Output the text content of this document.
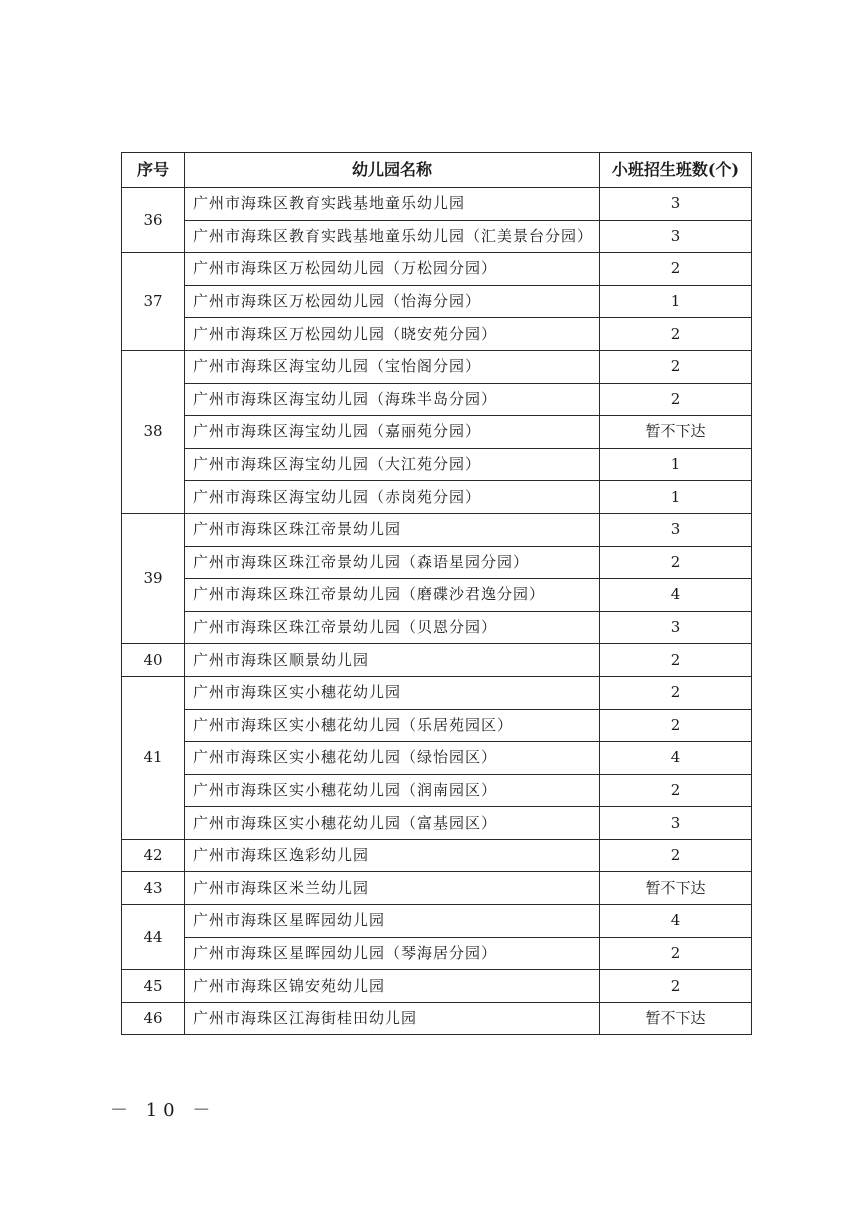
序号	幼儿园名称	小班招生班数(个)
36	广州市海珠区教育实践基地童乐幼儿园	3
	广州市海珠区教育实践基地童乐幼儿园（汇美景台分园）	3
37	广州市海珠区万松园幼儿园（万松园分园）	2
	广州市海珠区万松园幼儿园（怡海分园）	1
	广州市海珠区万松园幼儿园（晓安苑分园）	2
38	广州市海珠区海宝幼儿园（宝怡阁分园）	2
	广州市海珠区海宝幼儿园（海珠半岛分园）	2
	广州市海珠区海宝幼儿园（嘉丽苑分园）	暂不下达
	广州市海珠区海宝幼儿园（大江苑分园）	1
	广州市海珠区海宝幼儿园（赤岗苑分园）	1
39	广州市海珠区珠江帝景幼儿园	3
	广州市海珠区珠江帝景幼儿园（森语星园分园）	2
	广州市海珠区珠江帝景幼儿园（磨碟沙君逸分园）	4
	广州市海珠区珠江帝景幼儿园（贝恩分园）	3
40	广州市海珠区顺景幼儿园	2
41	广州市海珠区实小穗花幼儿园	2
	广州市海珠区实小穗花幼儿园（乐居苑园区）	2
	广州市海珠区实小穗花幼儿园（绿怡园区）	4
	广州市海珠区实小穗花幼儿园（润南园区）	2
	广州市海珠区实小穗花幼儿园（富基园区）	3
42	广州市海珠区逸彩幼儿园	2
43	广州市海珠区米兰幼儿园	暂不下达
44	广州市海珠区星晖园幼儿园	4
	广州市海珠区星晖园幼儿园（琴海居分园）	2
45	广州市海珠区锦安苑幼儿园	2
46	广州市海珠区江海街桂田幼儿园	暂不下达
－ 10 －
